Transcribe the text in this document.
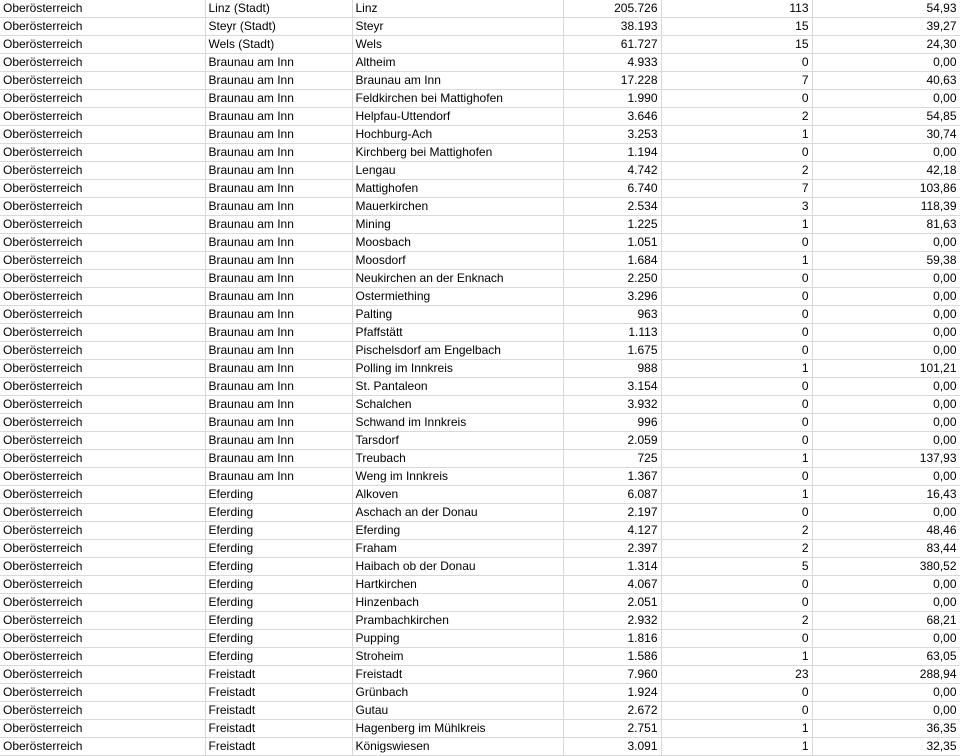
Oberösterreich	Linz (Stadt)	Linz	205.726	113	54,93
Oberösterreich	Steyr (Stadt)	Steyr	38.193	15	39,27
Oberösterreich	Wels (Stadt)	Wels	61.727	15	24,30
Oberösterreich	Braunau am Inn	Altheim	4.933	0	0,00
Oberösterreich	Braunau am Inn	Braunau am Inn	17.228	7	40,63
Oberösterreich	Braunau am Inn	Feldkirchen bei Mattighofen	1.990	0	0,00
Oberösterreich	Braunau am Inn	Helpfau-Uttendorf	3.646	2	54,85
Oberösterreich	Braunau am Inn	Hochburg-Ach	3.253	1	30,74
Oberösterreich	Braunau am Inn	Kirchberg bei Mattighofen	1.194	0	0,00
Oberösterreich	Braunau am Inn	Lengau	4.742	2	42,18
Oberösterreich	Braunau am Inn	Mattighofen	6.740	7	103,86
Oberösterreich	Braunau am Inn	Mauerkirchen	2.534	3	118,39
Oberösterreich	Braunau am Inn	Mining	1.225	1	81,63
Oberösterreich	Braunau am Inn	Moosbach	1.051	0	0,00
Oberösterreich	Braunau am Inn	Moosdorf	1.684	1	59,38
Oberösterreich	Braunau am Inn	Neukirchen an der Enknach	2.250	0	0,00
Oberösterreich	Braunau am Inn	Ostermiething	3.296	0	0,00
Oberösterreich	Braunau am Inn	Palting	963	0	0,00
Oberösterreich	Braunau am Inn	Pfaffstätt	1.113	0	0,00
Oberösterreich	Braunau am Inn	Pischelsdorf am Engelbach	1.675	0	0,00
Oberösterreich	Braunau am Inn	Polling im Innkreis	988	1	101,21
Oberösterreich	Braunau am Inn	St. Pantaleon	3.154	0	0,00
Oberösterreich	Braunau am Inn	Schalchen	3.932	0	0,00
Oberösterreich	Braunau am Inn	Schwand im Innkreis	996	0	0,00
Oberösterreich	Braunau am Inn	Tarsdorf	2.059	0	0,00
Oberösterreich	Braunau am Inn	Treubach	725	1	137,93
Oberösterreich	Braunau am Inn	Weng im Innkreis	1.367	0	0,00
Oberösterreich	Eferding	Alkoven	6.087	1	16,43
Oberösterreich	Eferding	Aschach an der Donau	2.197	0	0,00
Oberösterreich	Eferding	Eferding	4.127	2	48,46
Oberösterreich	Eferding	Fraham	2.397	2	83,44
Oberösterreich	Eferding	Haibach ob der Donau	1.314	5	380,52
Oberösterreich	Eferding	Hartkirchen	4.067	0	0,00
Oberösterreich	Eferding	Hinzenbach	2.051	0	0,00
Oberösterreich	Eferding	Prambachkirchen	2.932	2	68,21
Oberösterreich	Eferding	Pupping	1.816	0	0,00
Oberösterreich	Eferding	Stroheim	1.586	1	63,05
Oberösterreich	Freistadt	Freistadt	7.960	23	288,94
Oberösterreich	Freistadt	Grünbach	1.924	0	0,00
Oberösterreich	Freistadt	Gutau	2.672	0	0,00
Oberösterreich	Freistadt	Hagenberg im Mühlkreis	2.751	1	36,35
Oberösterreich	Freistadt	Königswiesen	3.091	1	32,35
